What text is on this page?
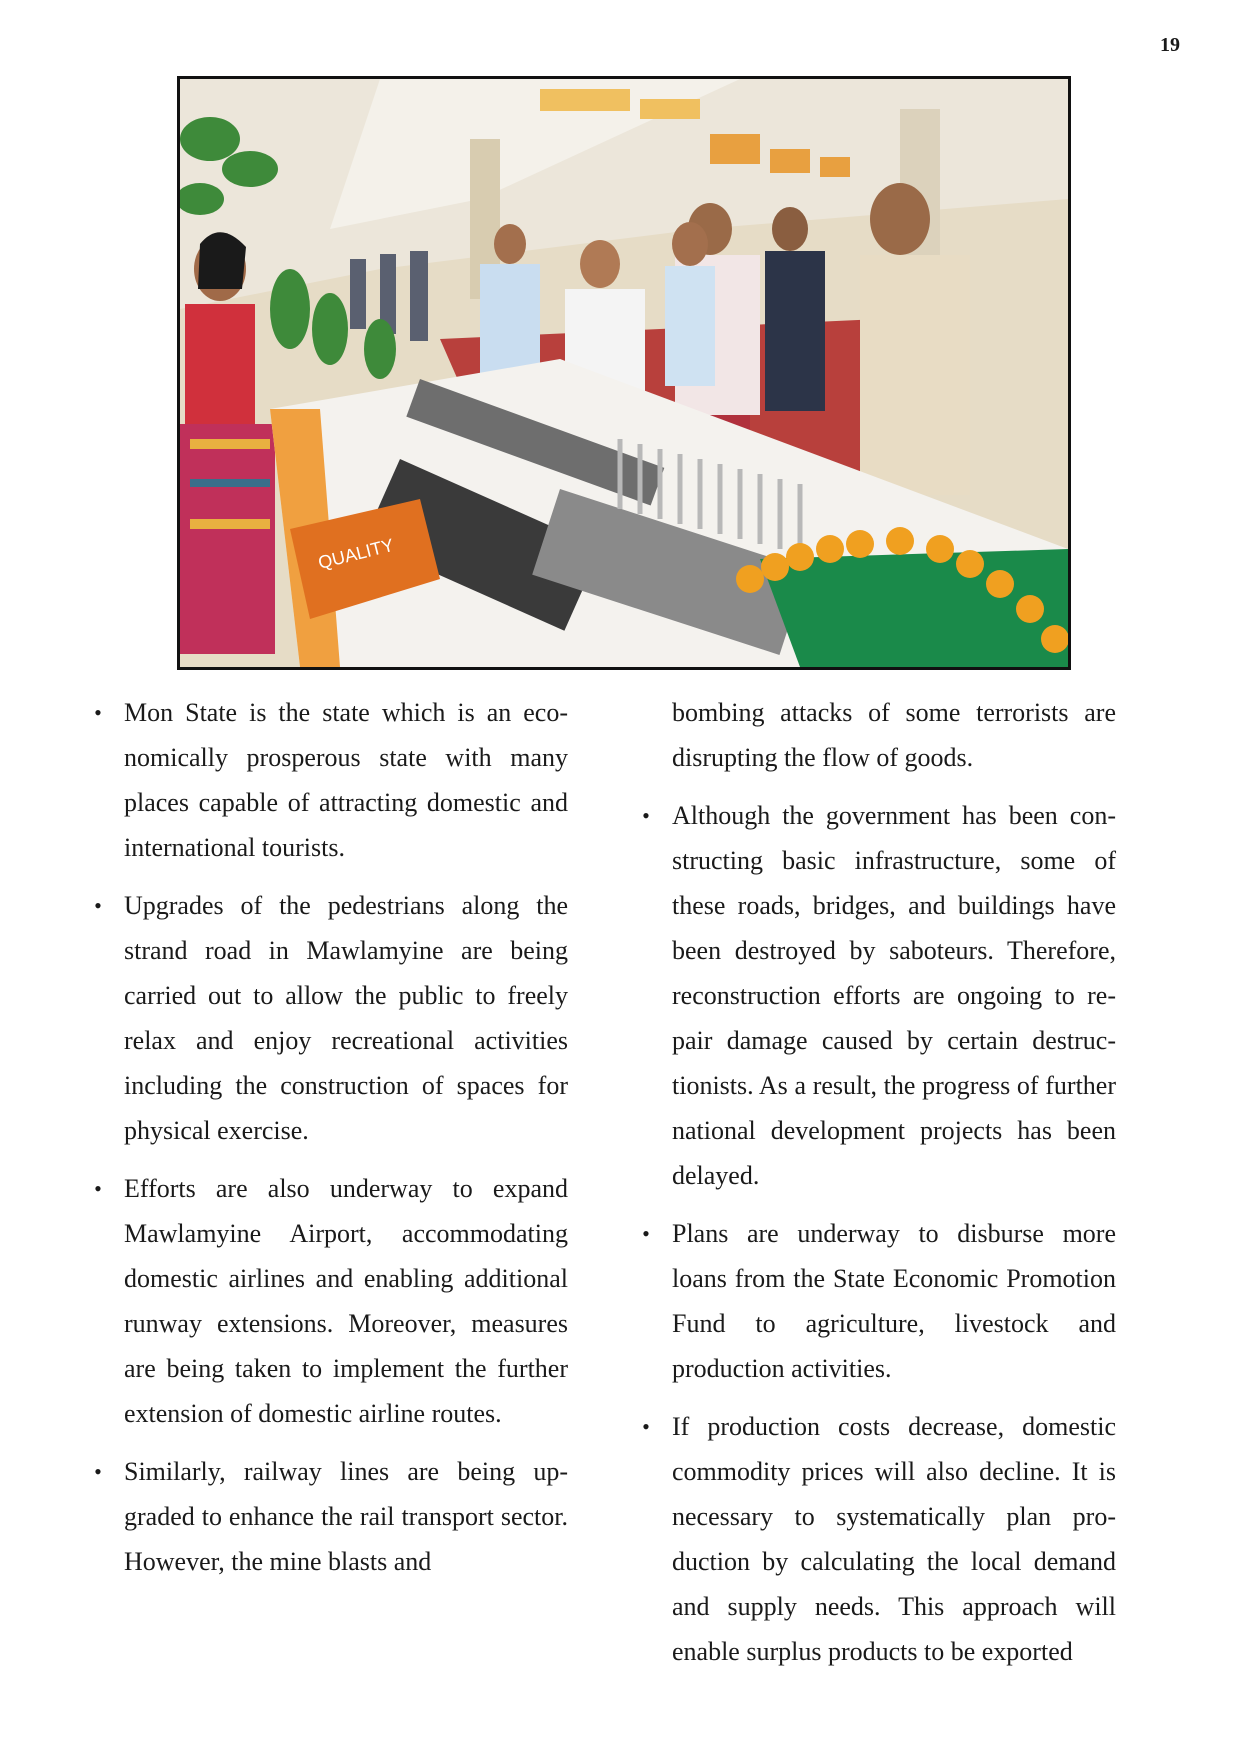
19
QUALITY
• Mon State is the state which is an economically prosperous state with many places capable of attracting domestic and international tourists.
• Upgrades of the pedestrians along the strand road in Mawlamyine are being carried out to allow the public to freely relax and enjoy recreational activities including the construction of spaces for physical exercise.
• Efforts are also underway to expand Mawlamyine Airport, accommodating domestic airlines and enabling additional runway extensions. Moreover, measures are being taken to implement the further extension of domestic airline routes.
• Similarly, railway lines are being upgraded to enhance the rail transport sector. However, the mine blasts and
bombing attacks of some terrorists are disrupting the flow of goods.
• Although the government has been constructing basic infrastructure, some of these roads, bridges, and buildings have been destroyed by saboteurs. Therefore, reconstruction efforts are ongoing to repair damage caused by certain destructionists. As a result, the progress of further national development projects has been delayed.
• Plans are underway to disburse more loans from the State Economic Promotion Fund to agriculture, livestock and production activities.
• If production costs decrease, domestic commodity prices will also decline. It is necessary to systematically plan production by calculating the local demand and supply needs. This approach will enable surplus products to be exported
